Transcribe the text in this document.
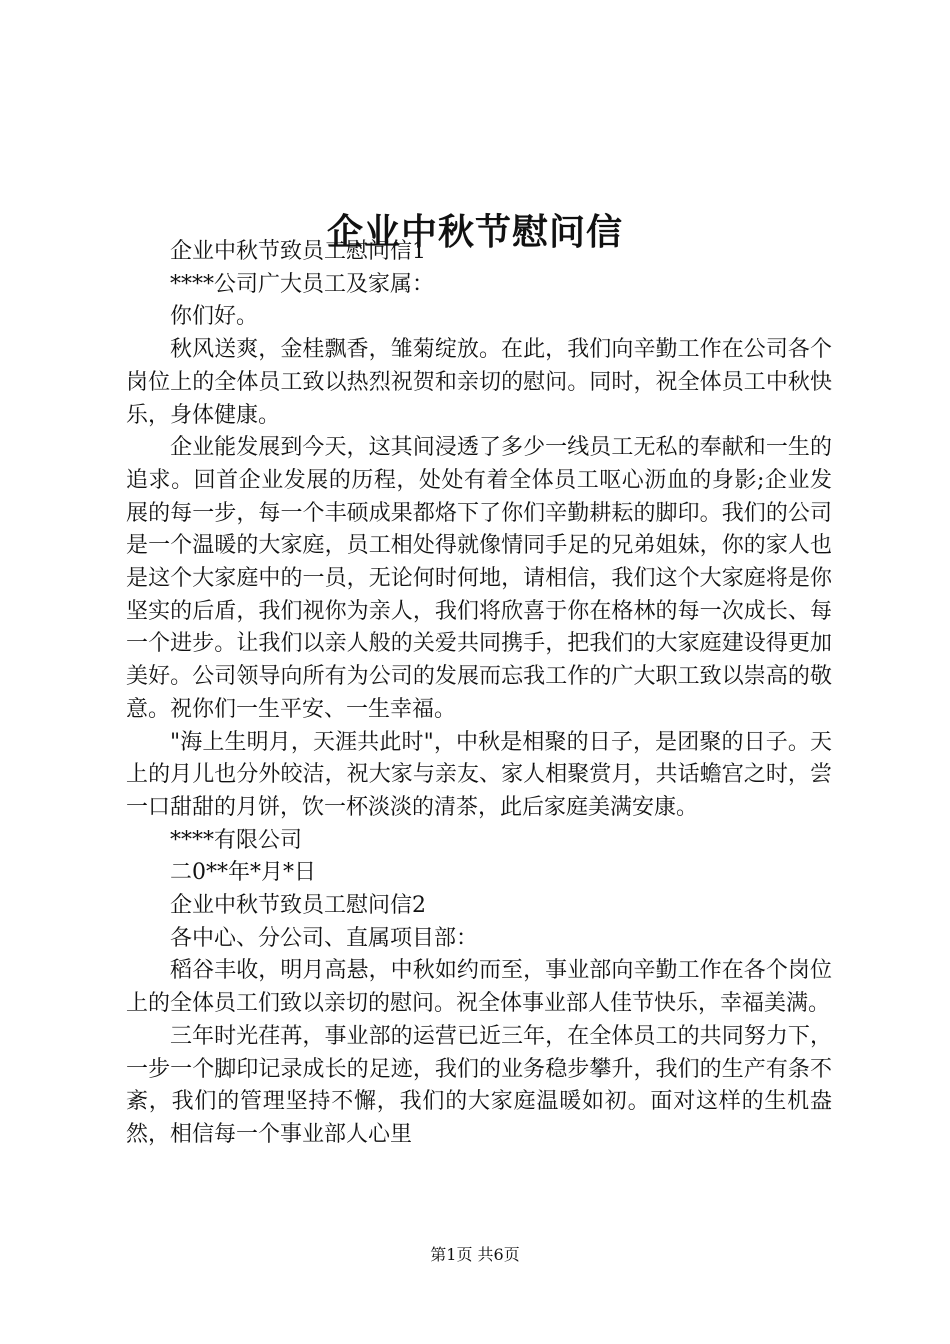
企业中秋节慰问信

企业中秋节致员工慰问信1

****公司广大员工及家属：

你们好。

秋风送爽，金桂飘香，雏菊绽放。在此，我们向辛勤工作在公司各个岗位上的全体员工致以热烈祝贺和亲切的慰问。同时，祝全体员工中秋快乐，身体健康。

企业能发展到今天，这其间浸透了多少一线员工无私的奉献和一生的追求。回首企业发展的历程，处处有着全体员工呕心沥血的身影;企业发展的每一步，每一个丰硕成果都烙下了你们辛勤耕耘的脚印。我们的公司是一个温暖的大家庭，员工相处得就像情同手足的兄弟姐妹，你的家人也是这个大家庭中的一员，无论何时何地，请相信，我们这个大家庭将是你坚实的后盾，我们视你为亲人，我们将欣喜于你在格林的每一次成长、每一个进步。让我们以亲人般的关爱共同携手，把我们的大家庭建设得更加美好。公司领导向所有为公司的发展而忘我工作的广大职工致以崇高的敬意。祝你们一生平安、一生幸福。

"海上生明月，天涯共此时"，中秋是相聚的日子，是团聚的日子。天上的月儿也分外皎洁，祝大家与亲友、家人相聚赏月，共话蟾宫之时，尝一口甜甜的月饼，饮一杯淡淡的清茶，此后家庭美满安康。

****有限公司

二0**年*月*日

企业中秋节致员工慰问信2

各中心、分公司、直属项目部：

稻谷丰收，明月高悬，中秋如约而至，事业部向辛勤工作在各个岗位上的全体员工们致以亲切的慰问。祝全体事业部人佳节快乐，幸福美满。

三年时光荏苒，事业部的运营已近三年，在全体员工的共同努力下，一步一个脚印记录成长的足迹，我们的业务稳步攀升，我们的生产有条不紊，我们的管理坚持不懈，我们的大家庭温暖如初。面对这样的生机盎然，相信每一个事业部人心里

第1页 共6页
